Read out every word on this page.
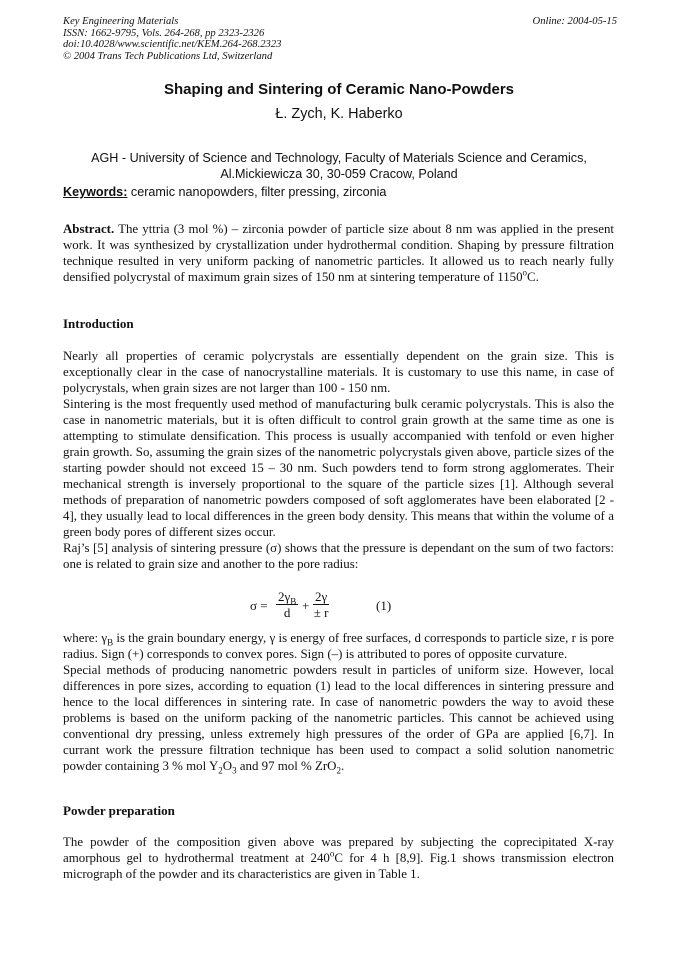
Key Engineering Materials
ISSN: 1662-9795, Vols. 264-268, pp 2323-2326
doi:10.4028/www.scientific.net/KEM.264-268.2323
© 2004 Trans Tech Publications Ltd, Switzerland
Online: 2004-05-15
Shaping and Sintering of Ceramic Nano-Powders
Ł. Zych, K. Haberko
AGH - University of Science and Technology, Faculty of Materials Science and Ceramics,
Al.Mickiewicza 30, 30-059 Cracow, Poland
Keywords: ceramic nanopowders, filter pressing, zirconia
Abstract. The yttria (3 mol %) – zirconia powder of particle size about 8 nm was applied in the present work. It was synthesized by crystallization under hydrothermal condition. Shaping by pressure filtration technique resulted in very uniform packing of nanometric particles. It allowed us to reach nearly fully densified polycrystal of maximum grain sizes of 150 nm at sintering temperature of 1150$^o$C.
Introduction
Nearly all properties of ceramic polycrystals are essentially dependent on the grain size. This is exceptionally clear in the case of nanocrystalline materials. It is customary to use this name, in case of polycrystals, when grain sizes are not larger than 100 - 150 nm.
Sintering is the most frequently used method of manufacturing bulk ceramic polycrystals. This is also the case in nanometric materials, but it is often difficult to control grain growth at the same time as one is attempting to stimulate densification. This process is usually accompanied with tenfold or even higher grain growth. So, assuming the grain sizes of the nanometric polycrystals given above, particle sizes of the starting powder should not exceed 15 – 30 nm. Such powders tend to form strong agglomerates. Their mechanical strength is inversely proportional to the square of the particle sizes [1]. Although several methods of preparation of nanometric powders composed of soft agglomerates have been elaborated [2 - 4], they usually lead to local differences in the green body density. This means that within the volume of a green body pores of different sizes occur.
Raj’s [5] analysis of sintering pressure (σ) shows that the pressure is dependant on the sum of two factors: one is related to grain size and another to the pore radius:
$\sigma = \frac{2\gamma_B}{d} + \frac{2\gamma}{\pm r}$	(1)
where: $\gamma_B$ is the grain boundary energy, γ is energy of free surfaces, d corresponds to particle size, r is pore radius. Sign (+) corresponds to convex pores. Sign (–) is attributed to pores of opposite curvature.
Special methods of producing nanometric powders result in particles of uniform size. However, local differences in pore sizes, according to equation (1) lead to the local differences in sintering pressure and hence to the local differences in sintering rate. In case of nanometric powders the way to avoid these problems is based on the uniform packing of the nanometric particles. This cannot be achieved using conventional dry pressing, unless extremely high pressures of the order of GPa are applied [6,7]. In currant work the pressure filtration technique has been used to compact a solid solution nanometric powder containing 3 % mol $Y_2O_3$ and 97 mol % ZrO$_2$.
Powder preparation
The powder of the composition given above was prepared by subjecting the coprecipitated X-ray amorphous gel to hydrothermal treatment at 240$^o$C for 4 h [8,9]. Fig.1 shows transmission electron micrograph of the powder and its characteristics are given in Table 1.
